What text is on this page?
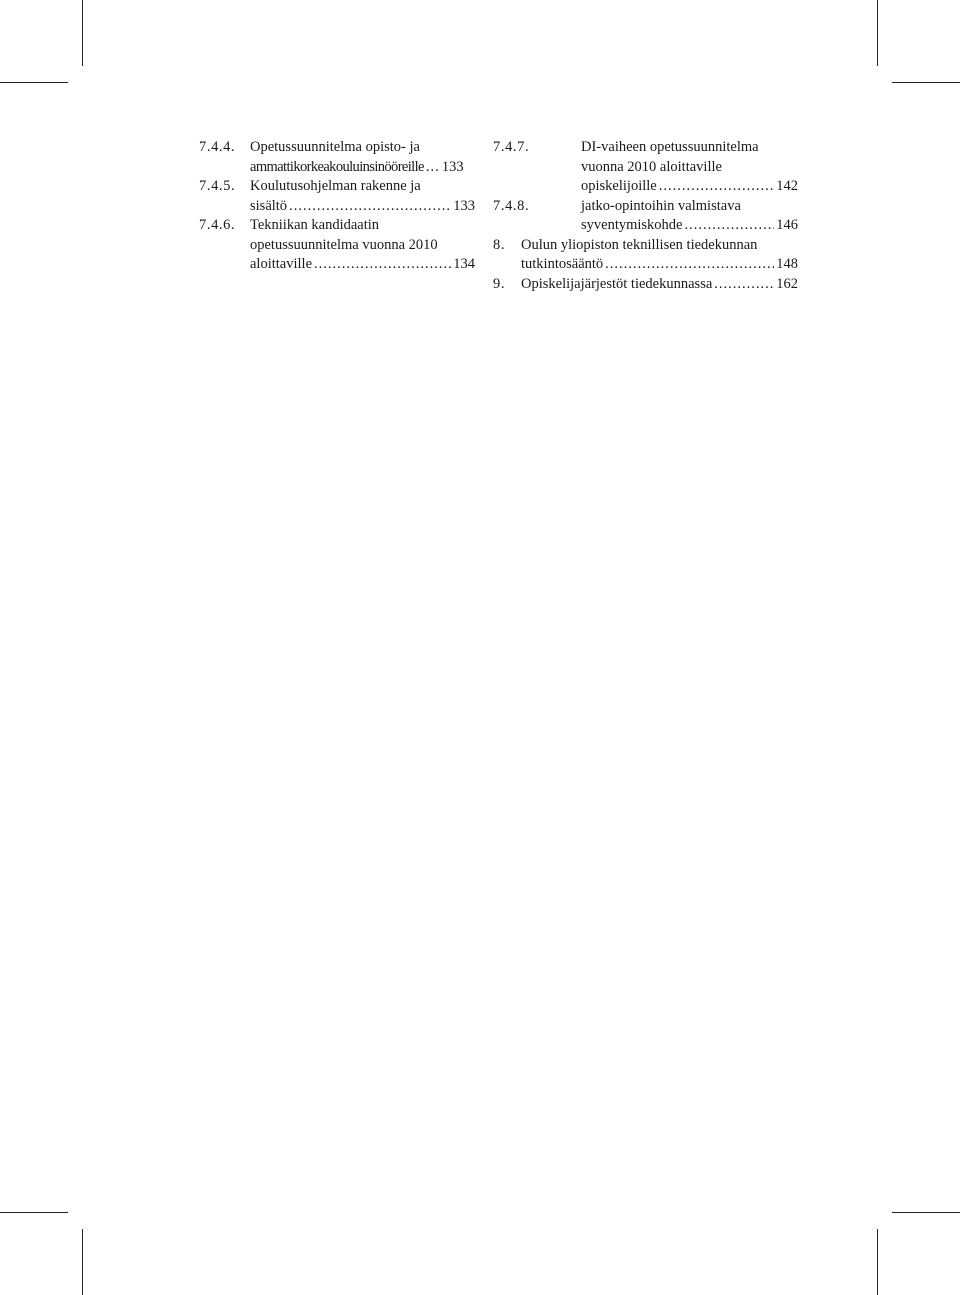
7.4.4. Opetussuunnitelma opisto- ja
ammattikorkeakouluinsinööreille ..... 133
7.4.5. Koulutusohjelman rakenne ja
sisältö .....	133
7.4.6. Tekniikan kandidaatin
opetussuunnitelma vuonna 2010
aloittaville .....	134
7.4.7.	DI-vaiheen opetussuunnitelma
vuonna 2010 aloittaville
opiskelijoille .....	142
7.4.8.	jatko-opintoihin valmistava
syventymiskohde .....	146
8. Oulun yliopiston teknillisen tiedekunnan
tutkintosääntö .....	148
9. Opiskelijajärjestöt tiedekunnassa .....	162
